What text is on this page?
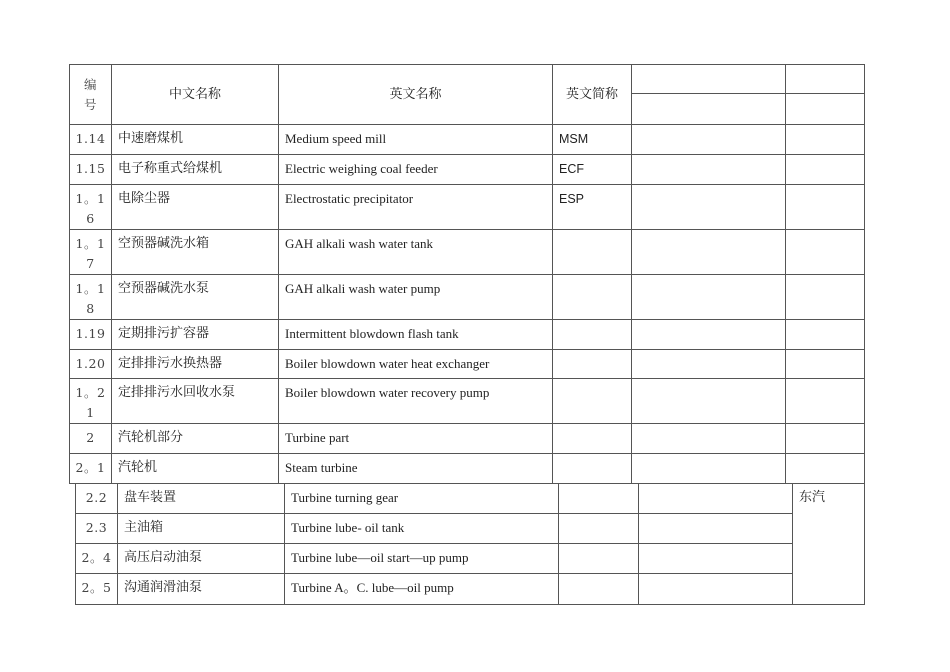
编号	中文名称	英文名称	英文简称		

1.14	中速磨煤机	Medium speed mill	MSM		
1.15	电子称重式给煤机	Electric weighing coal feeder	ECF		
1。1 6	电除尘器	Electrostatic precipitator	ESP		
1。1 7	空预器碱洗水箱	GAH alkali wash water tank			
1。1 8	空预器碱洗水泵	GAH alkali wash water pump			
1.19	定期排污扩容器	Intermittent blowdown flash tank			
1.20	定排排污水换热器	Boiler blowdown water heat exchanger			
1。2 1	定排排污水回收水泵	Boiler blowdown water recovery pump			
2	汽轮机部分	Turbine part			
2。1	汽轮机	Steam turbine			
2.2	盘车装置	Turbine turning gear			东汽
2.3	主油箱	Turbine lube- oil tank			
2。4	高压启动油泵	Turbine lube—oil start—up pump			
2。5	沟通润滑油泵	Turbine A。C. lube—oil pump			
